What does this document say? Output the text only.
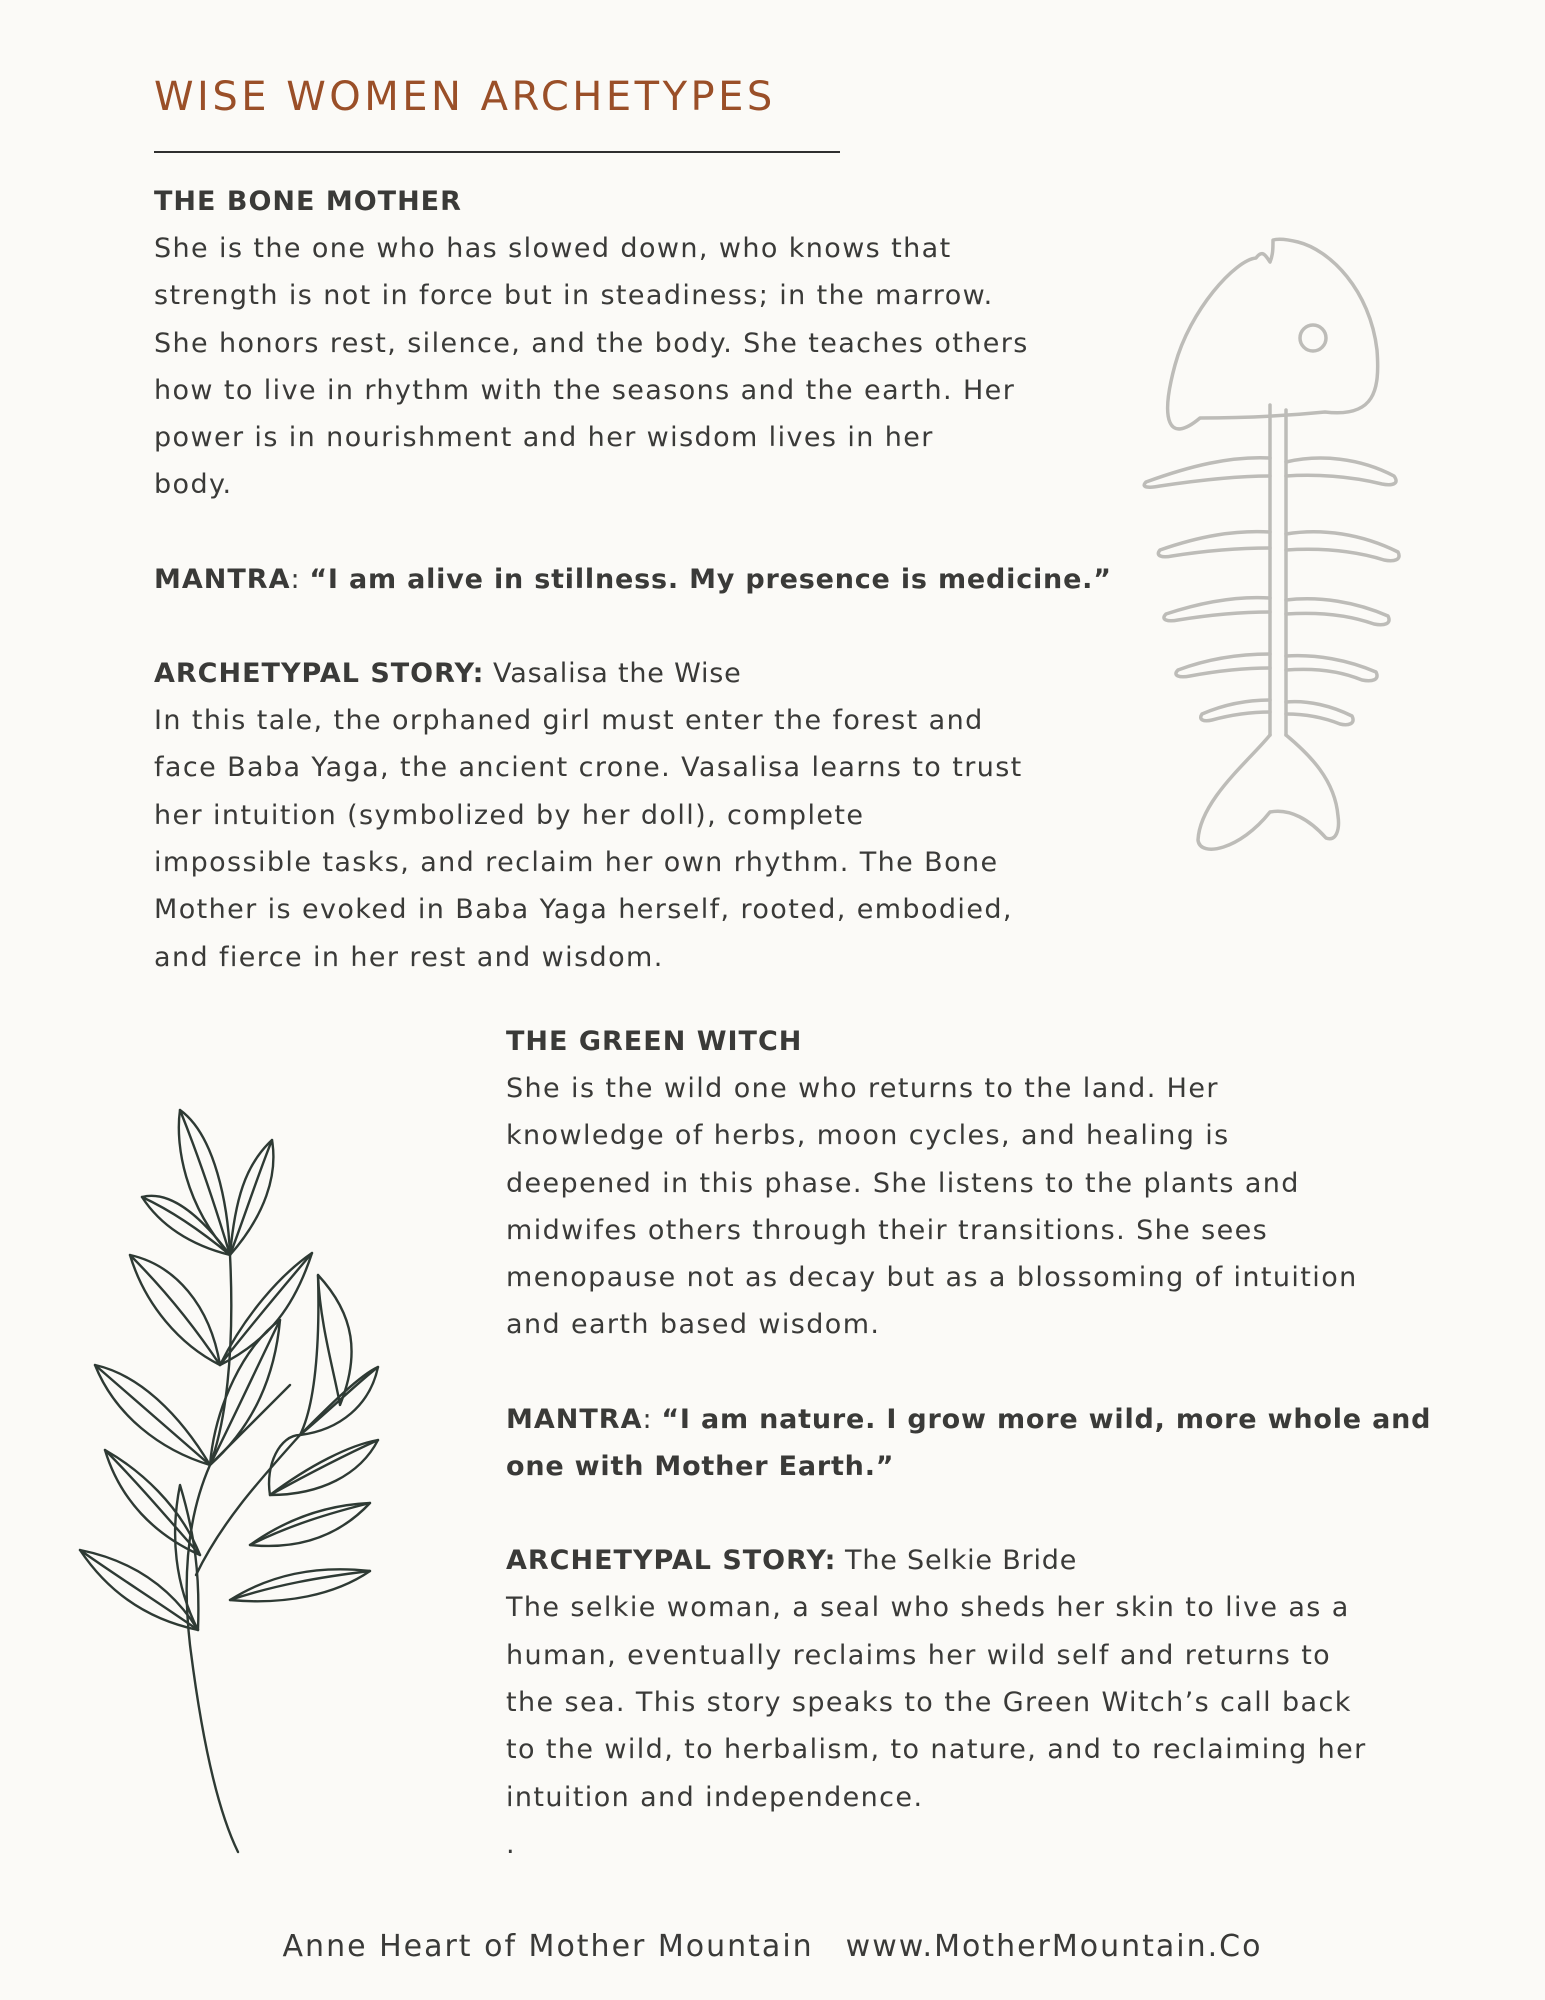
WISE WOMEN ARCHETYPES
THE BONE MOTHER

She is the one who has slowed down, who knows that
strength is not in force but in steadiness; in the marrow.
She honors rest, silence, and the body. She teaches others
how to live in rhythm with the seasons and the earth. Her
power is in nourishment and her wisdom lives in her
body.

MANTRA: “I am alive in stillness. My presence is medicine.”
ARCHETYPAL STORY: Vasalisa the Wise

In this tale, the orphaned girl must enter the forest and
face Baba Yaga, the ancient crone. Vasalisa learns to trust
her intuition (symbolized by her doll), complete
impossible tasks, and reclaim her own rhythm. The Bone
Mother is evoked in Baba Yaga herself, rooted, embodied,
and fierce in her rest and wisdom.

THE GREEN WITCH

She is the wild one who returns to the land. Her
knowledge of herbs, moon cycles, and healing is
deepened in this phase. She listens to the plants and
midwifes others through their transitions. She sees
menopause not as decay but as a blossoming of intuition
and earth based wisdom.

MANTRA: “I am nature. I grow more wild, more whole and
one with Mother Earth.”
ARCHETYPAL STORY: The Selkie Bride

The selkie woman, a seal who sheds her skin to live as a
human, eventually reclaims her wild self and returns to
the sea. This story speaks to the Green Witch’s call back
to the wild, to herbalism, to nature, and to reclaiming her
intuition and independence.

.
Anne Heart of Mother Mountain www.MotherMountain.Co
